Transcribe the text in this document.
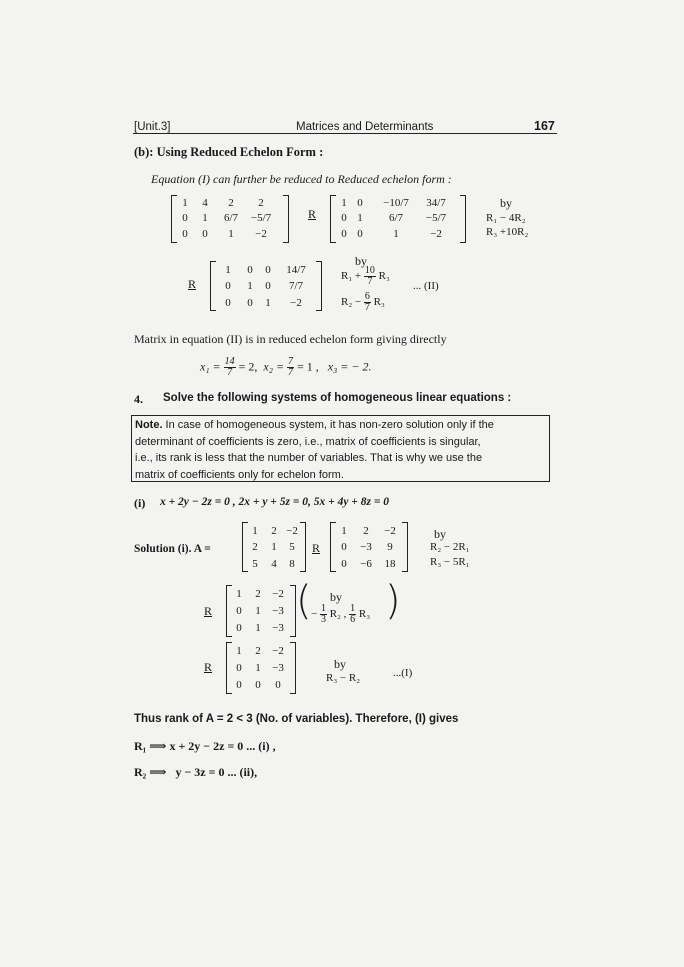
[Unit.3]	Matrices and Determinants	167
(b): Using Reduced Echelon Form :
Equation (I) can further be reduced to Reduced echelon form :
1 4 2 2
0 1 6/7 −5/7
0 0 1 −2
R
1 0 −10/7 34/7
0 1 6/7 −5/7
0 0	1	−2
by
R₁ − 4R₂
R₃ +10R₂
R
1 0 0 14/7
0 1 0 7/7
0 0 1 −2
by
$R_1 + \frac{10}{7} R_3$
$R_2 - \frac{6}{7} R_3$
... (II)
Matrix in equation (II) is in reduced echelon form giving directly
$x_1 = \frac{14}{7} = 2$, $x_2 = \frac{7}{7} = 1$ , x₃ = − 2.
4. Solve the following systems of homogeneous linear equations :
Note. In case of homogeneous system, it has non-zero solution only if the
determinant of coefficients is zero, i.e., matrix of coefficients is singular,
i.e., its rank is less that the number of variables. That is why we use the
matrix of coefficients only for echelon form.
(i) x + 2y − 2z = 0 , 2x + y + 5z = 0, 5x + 4y + 8z = 0
Solution (i). A =
1 2 −2
2 1 5
5 4 8
R
1 2 −2
0 −3 9
0 −6 18
by
R₂ − 2R₁
R₃ − 5R₁
R
1 2 −2
0 1 −3
0 1 −3
( by
− $\frac{1}{3} R_2$ , $\frac{1}{6} R_3$ )
R
1 2 −2
0 1 −3
0 0 0
by
R₃ − R₂	...(I)
Thus rank of A = 2 < 3 (No. of variables). Therefore, (I) gives
R₁ ⟹ x + 2y − 2z = 0 ... (i) ,
R₂ ⟹ y − 3z = 0 ... (ii),
